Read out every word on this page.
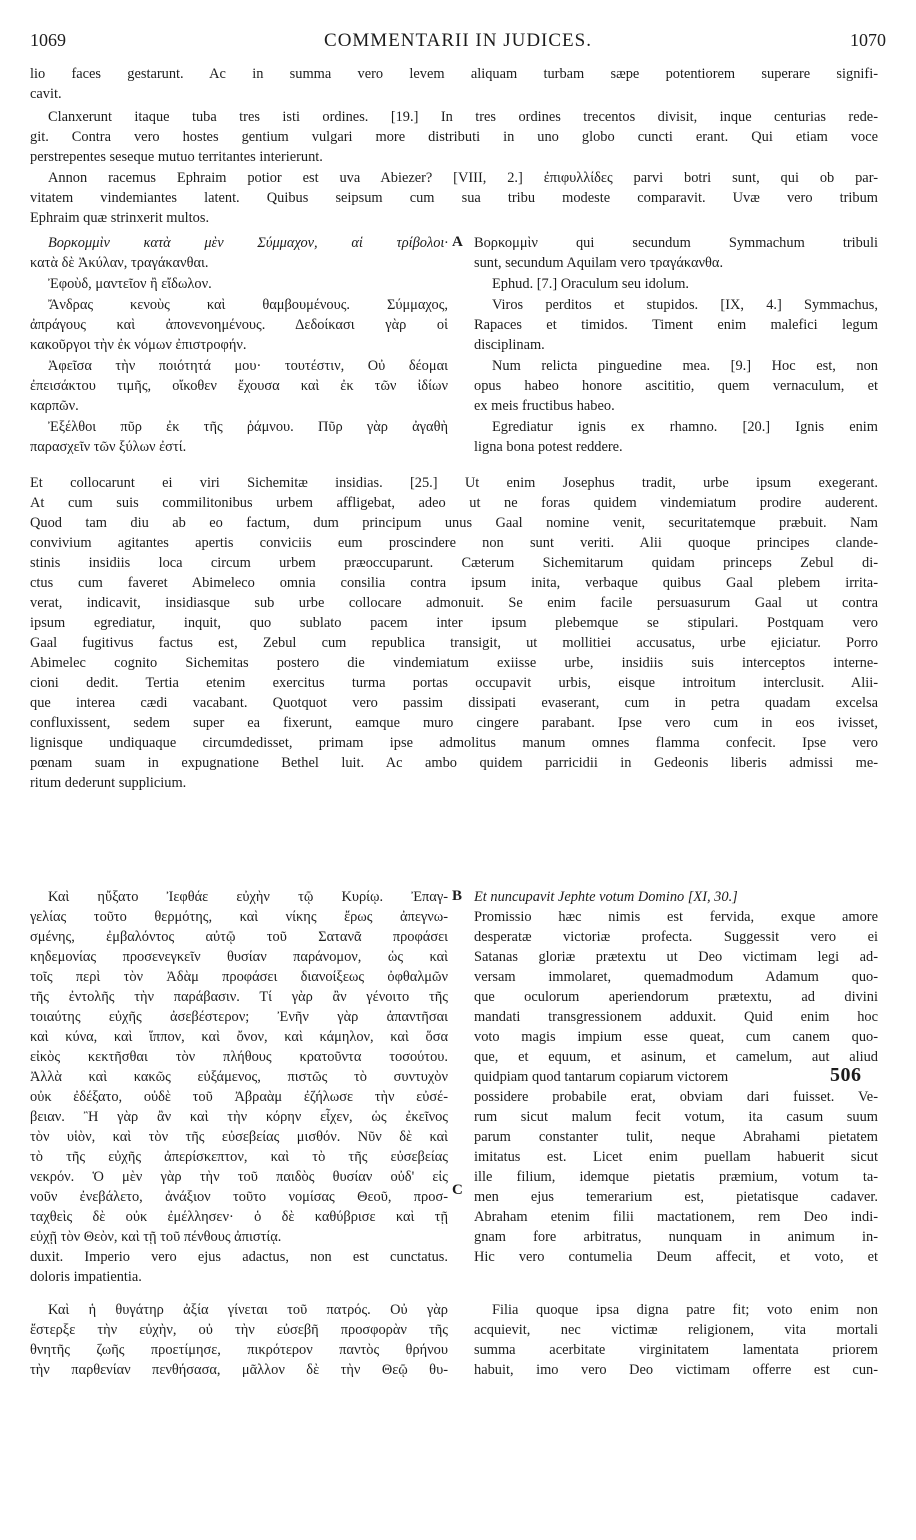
1069	COMMENTARII IN JUDICES.	1070
lio faces gestarunt. Ac in summa vero levem aliquam turbam sæpe potentiorem superare signifi-
cavit.
Clanxerunt itaque tuba tres isti ordines. [19.] In tres ordines trecentos divisit, inque centurias rede-
git. Contra vero hostes gentium vulgari more distributi in uno globo cuncti erant. Qui etiam voce
perstrepentes seseque mutuo territantes interierunt.
Annon racemus Ephraim potior est uva Abiezer? [VIII, 2.] ἐπιφυλλίδες parvi botri sunt, qui ob par-
vitatem vindemiantes latent. Quibus seipsum cum sua tribu modeste comparavit. Uvæ vero tribum
Ephraim quæ strinxerit multos.
Βορκομμὶν κατὰ μὲν Σύμμαχον, αἱ τρίβολοι·
κατὰ δὲ Ἀκύλαν, τραγάκανθαι.
Ἐφοὺδ, μαντεῖον ἢ εἴδωλον.
Ἄνδρας κενοὺς καὶ θαμβουμένους. Σύμμαχος,
ἀπράγους καὶ ἀπονενοημένους. Δεδοίκασι γὰρ οἱ
κακοῦργοι τὴν ἐκ νόμων ἐπιστροφήν.
Ἀφεῖσα τὴν ποιότητά μου· τουτέστιν, Οὐ δέομαι
ἐπεισάκτου τιμῆς, οἴκοθεν ἔχουσα καὶ ἐκ τῶν ἰδίων
καρπῶν.
Ἐξέλθοι πῦρ ἐκ τῆς ῥάμνου. Πῦρ γὰρ ἀγαθὴ
παρασχεῖν τῶν ξύλων ἐστί.
A Βορκομμὶν qui secundum Symmachum tribuli
sunt, secundum Aquilam vero τραγάκανθα.
Ephud. [7.] Oraculum seu idolum.
Viros perditos et stupidos. [IX, 4.] Symmachus,
Rapaces et timidos. Timent enim malefici legum
disciplinam.
Num relicta pinguedine mea. [9.] Hoc est, non
opus habeo honore ascititio, quem vernaculum, et
ex meis fructibus habeo.
Egrediatur ignis ex rhamno. [20.] Ignis enim
ligna bona potest reddere.
Et collocarunt ei viri Sichemitæ insidias. [25.] Ut enim Josephus tradit, urbe ipsum exegerant.
At cum suis commilitonibus urbem affligebat, adeo ut ne foras quidem vindemiatum prodire auderent.
Quod tam diu ab eo factum, dum principum unus Gaal nomine venit, securitatemque præbuit. Nam
convivium agitantes apertis conviciis eum proscindere non sunt veriti. Alii quoque principes clande-
stinis insidiis loca circum urbem præoccuparunt. Cæterum Sichemitarum quidam princeps Zebul di-
ctus cum faveret Abimeleco omnia consilia contra ipsum inita, verbaque quibus Gaal plebem irrita-
verat, indicavit, insidiasque sub urbe collocare admonuit. Se enim facile persuasurum Gaal ut contra
ipsum egrediatur, inquit, quo sublato pacem inter ipsum plebemque se stipulari. Postquam vero
Gaal fugitivus factus est, Zebul cum republica transigit, ut mollitiei accusatus, urbe ejiciatur. Porro
Abimelec cognito Sichemitas postero die vindemiatum exiisse urbe, insidiis suis interceptos interne-
cioni dedit. Tertia etenim exercitus turma portas occupavit urbis, eisque introitum interclusit. Alii-
que interea cædi vacabant. Quotquot vero passim dissipati evaserant, cum in petra quadam excelsa
confluxissent, sedem super ea fixerunt, eamque muro cingere parabant. Ipse vero cum in eos ivisset,
lignisque undiquaque circumdedisset, primam ipse admolitus manum omnes flamma confecit. Ipse vero
pœnam suam in expugnatione Bethel luit. Ac ambo quidem parricidii in Gedeonis liberis admissi me-
ritum dederunt supplicium.
Καὶ ηὔξατο Ἰεφθάε εὐχὴν τῷ Κυρίῳ. Ἐπαγ-
γελίας τοῦτο θερμότης, καὶ νίκης ἔρως ἀπεγνω-
σμένης, ἐμβαλόντος αὐτῷ τοῦ Σατανᾶ προφάσει
κηδεμονίας προσενεγκεῖν θυσίαν παράνομον, ὡς καὶ
τοῖς περὶ τὸν Ἀδὰμ προφάσει διανοίξεως ὀφθαλμῶν
τῆς ἐντολῆς τὴν παράβασιν. Τί γὰρ ἂν γένοιτο τῆς
τοιαύτης εὐχῆς ἀσεβέστερον; Ἐνῆν γὰρ ἀπαντῆσαι
καὶ κύνα, καὶ ἵππον, καὶ ὄνον, καὶ κάμηλον, καὶ ὅσα
εἰκὸς κεκτῆσθαι τὸν πλήθους κρατοῦντα τοσούτου.
Ἀλλὰ καὶ κακῶς εὐξάμενος, πιστῶς τὸ συντυχὸν
οὐκ ἐδέξατο, οὐδὲ τοῦ Ἀβραὰμ ἐζήλωσε τὴν εὐσέ-
βειαν. Ἢ γὰρ ἂν καὶ τὴν κόρην εἶχεν, ὡς ἐκεῖνος
τὸν υἱὸν, καὶ τὸν τῆς εὐσεβείας μισθόν. Νῦν δὲ καὶ
τὸ τῆς εὐχῆς ἀπερίσκεπτον, καὶ τὸ τῆς εὐσεβείας
νεκρόν. Ὁ μὲν γὰρ τὴν τοῦ παιδὸς θυσίαν οὐδ' εἰς
νοῦν ἐνεβάλετο, ἀνάξιον τοῦτο νομίσας Θεοῦ, προσ-
ταχθεὶς δὲ οὐκ ἐμέλλησεν· ὁ δὲ καθύβρισε καὶ τῇ
εὐχῇ τὸν Θεὸν, καὶ τῇ τοῦ πένθους ἀπιστίᾳ.
duxit. Imperio vero ejus adactus, non est cunctatus.
doloris impatientia.
B
C
Et nuncupavit Jephte votum Domino [XI, 30.]
Promissio hæc nimis est fervida, exque amore
desperatæ victoriæ profecta. Suggessit vero ei
Satanas gloriæ prætextu ut Deo victimam legi ad-
versam immolaret, quemadmodum Adamum quo-
que oculorum aperiendorum prætextu, ad divini
mandati transgressionem adduxit. Quid enim hoc
voto magis impium esse queat, cum canem quo-
que, et equum, et asinum, et camelum, aut aliud
quidpiam quod tantarum copiarum victorem	506
possidere probabile erat, obviam dari fuisset. Ve-
rum sicut malum fecit votum, ita casum suum
parum constanter tulit, neque Abrahami pietatem
imitatus est. Licet enim puellam habuerit sicut
ille filium, idemque pietatis præmium, votum ta-
men ejus temerarium est, pietatisque cadaver.
Abraham etenim filii mactationem, rem Deo indi-
gnam fore arbitratus, nunquam in animum in-
Hic vero contumelia Deum affecit, et voto, et
Καὶ ἡ θυγάτηρ ἀξία γίνεται τοῦ πατρός. Οὐ γὰρ
ἔστερξε τὴν εὐχὴν, οὐ τὴν εὐσεβῆ προσφορὰν τῆς
θνητῆς ζωῆς προετίμησε, πικρότερον παντὸς θρήνου
τὴν παρθενίαν πενθήσασα, μᾶλλον δὲ τὴν Θεῷ θυ-
Filia quoque ipsa digna patre fit; voto enim non
acquievit, nec victimæ religionem, vita mortali
summa acerbitate virginitatem lamentata priorem
habuit, imo vero Deo victimam offerre est cun-
